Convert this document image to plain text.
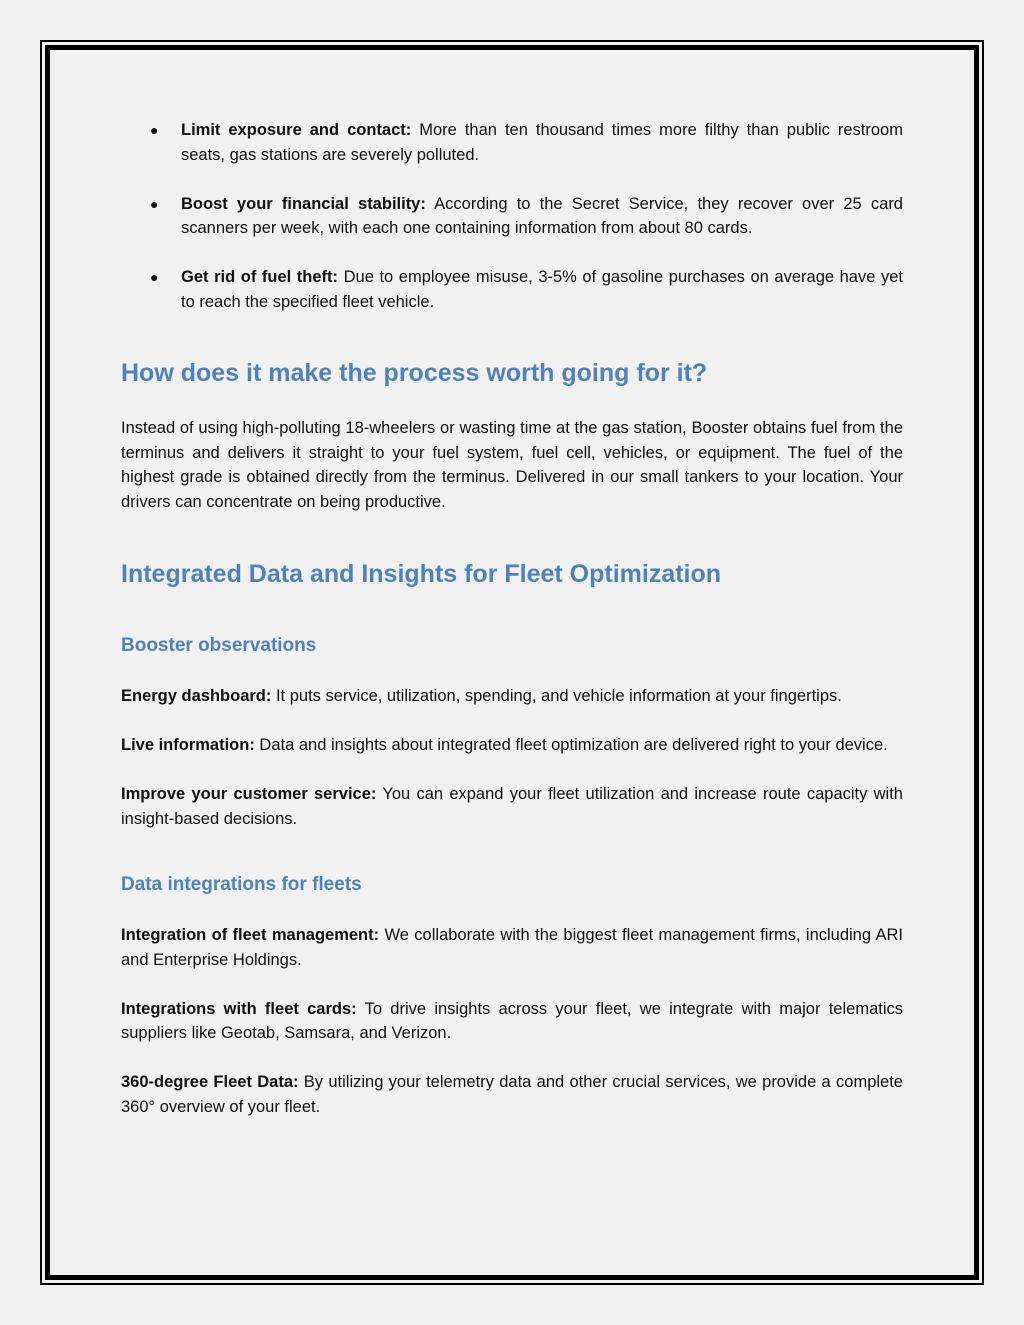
● Limit exposure and contact: More than ten thousand times more filthy than public restroom seats, gas stations are severely polluted.
● Boost your financial stability: According to the Secret Service, they recover over 25 card scanners per week, with each one containing information from about 80 cards.
● Get rid of fuel theft: Due to employee misuse, 3-5% of gasoline purchases on average have yet to reach the specified fleet vehicle.
How does it make the process worth going for it?

Instead of using high-polluting 18-wheelers or wasting time at the gas station, Booster obtains fuel from the terminus and delivers it straight to your fuel system, fuel cell, vehicles, or equipment. The fuel of the highest grade is obtained directly from the terminus. Delivered in our small tankers to your location. Your drivers can concentrate on being productive.

Integrated Data and Insights for Fleet Optimization
Booster observations

Energy dashboard: It puts service, utilization, spending, and vehicle information at your fingertips.

Live information: Data and insights about integrated fleet optimization are delivered right to your device.

Improve your customer service: You can expand your fleet utilization and increase route capacity with insight-based decisions.

Data integrations for fleets

Integration of fleet management: We collaborate with the biggest fleet management firms, including ARI and Enterprise Holdings.

Integrations with fleet cards: To drive insights across your fleet, we integrate with major telematics suppliers like Geotab, Samsara, and Verizon.

360-degree Fleet Data: By utilizing your telemetry data and other crucial services, we provide a complete 360° overview of your fleet.
